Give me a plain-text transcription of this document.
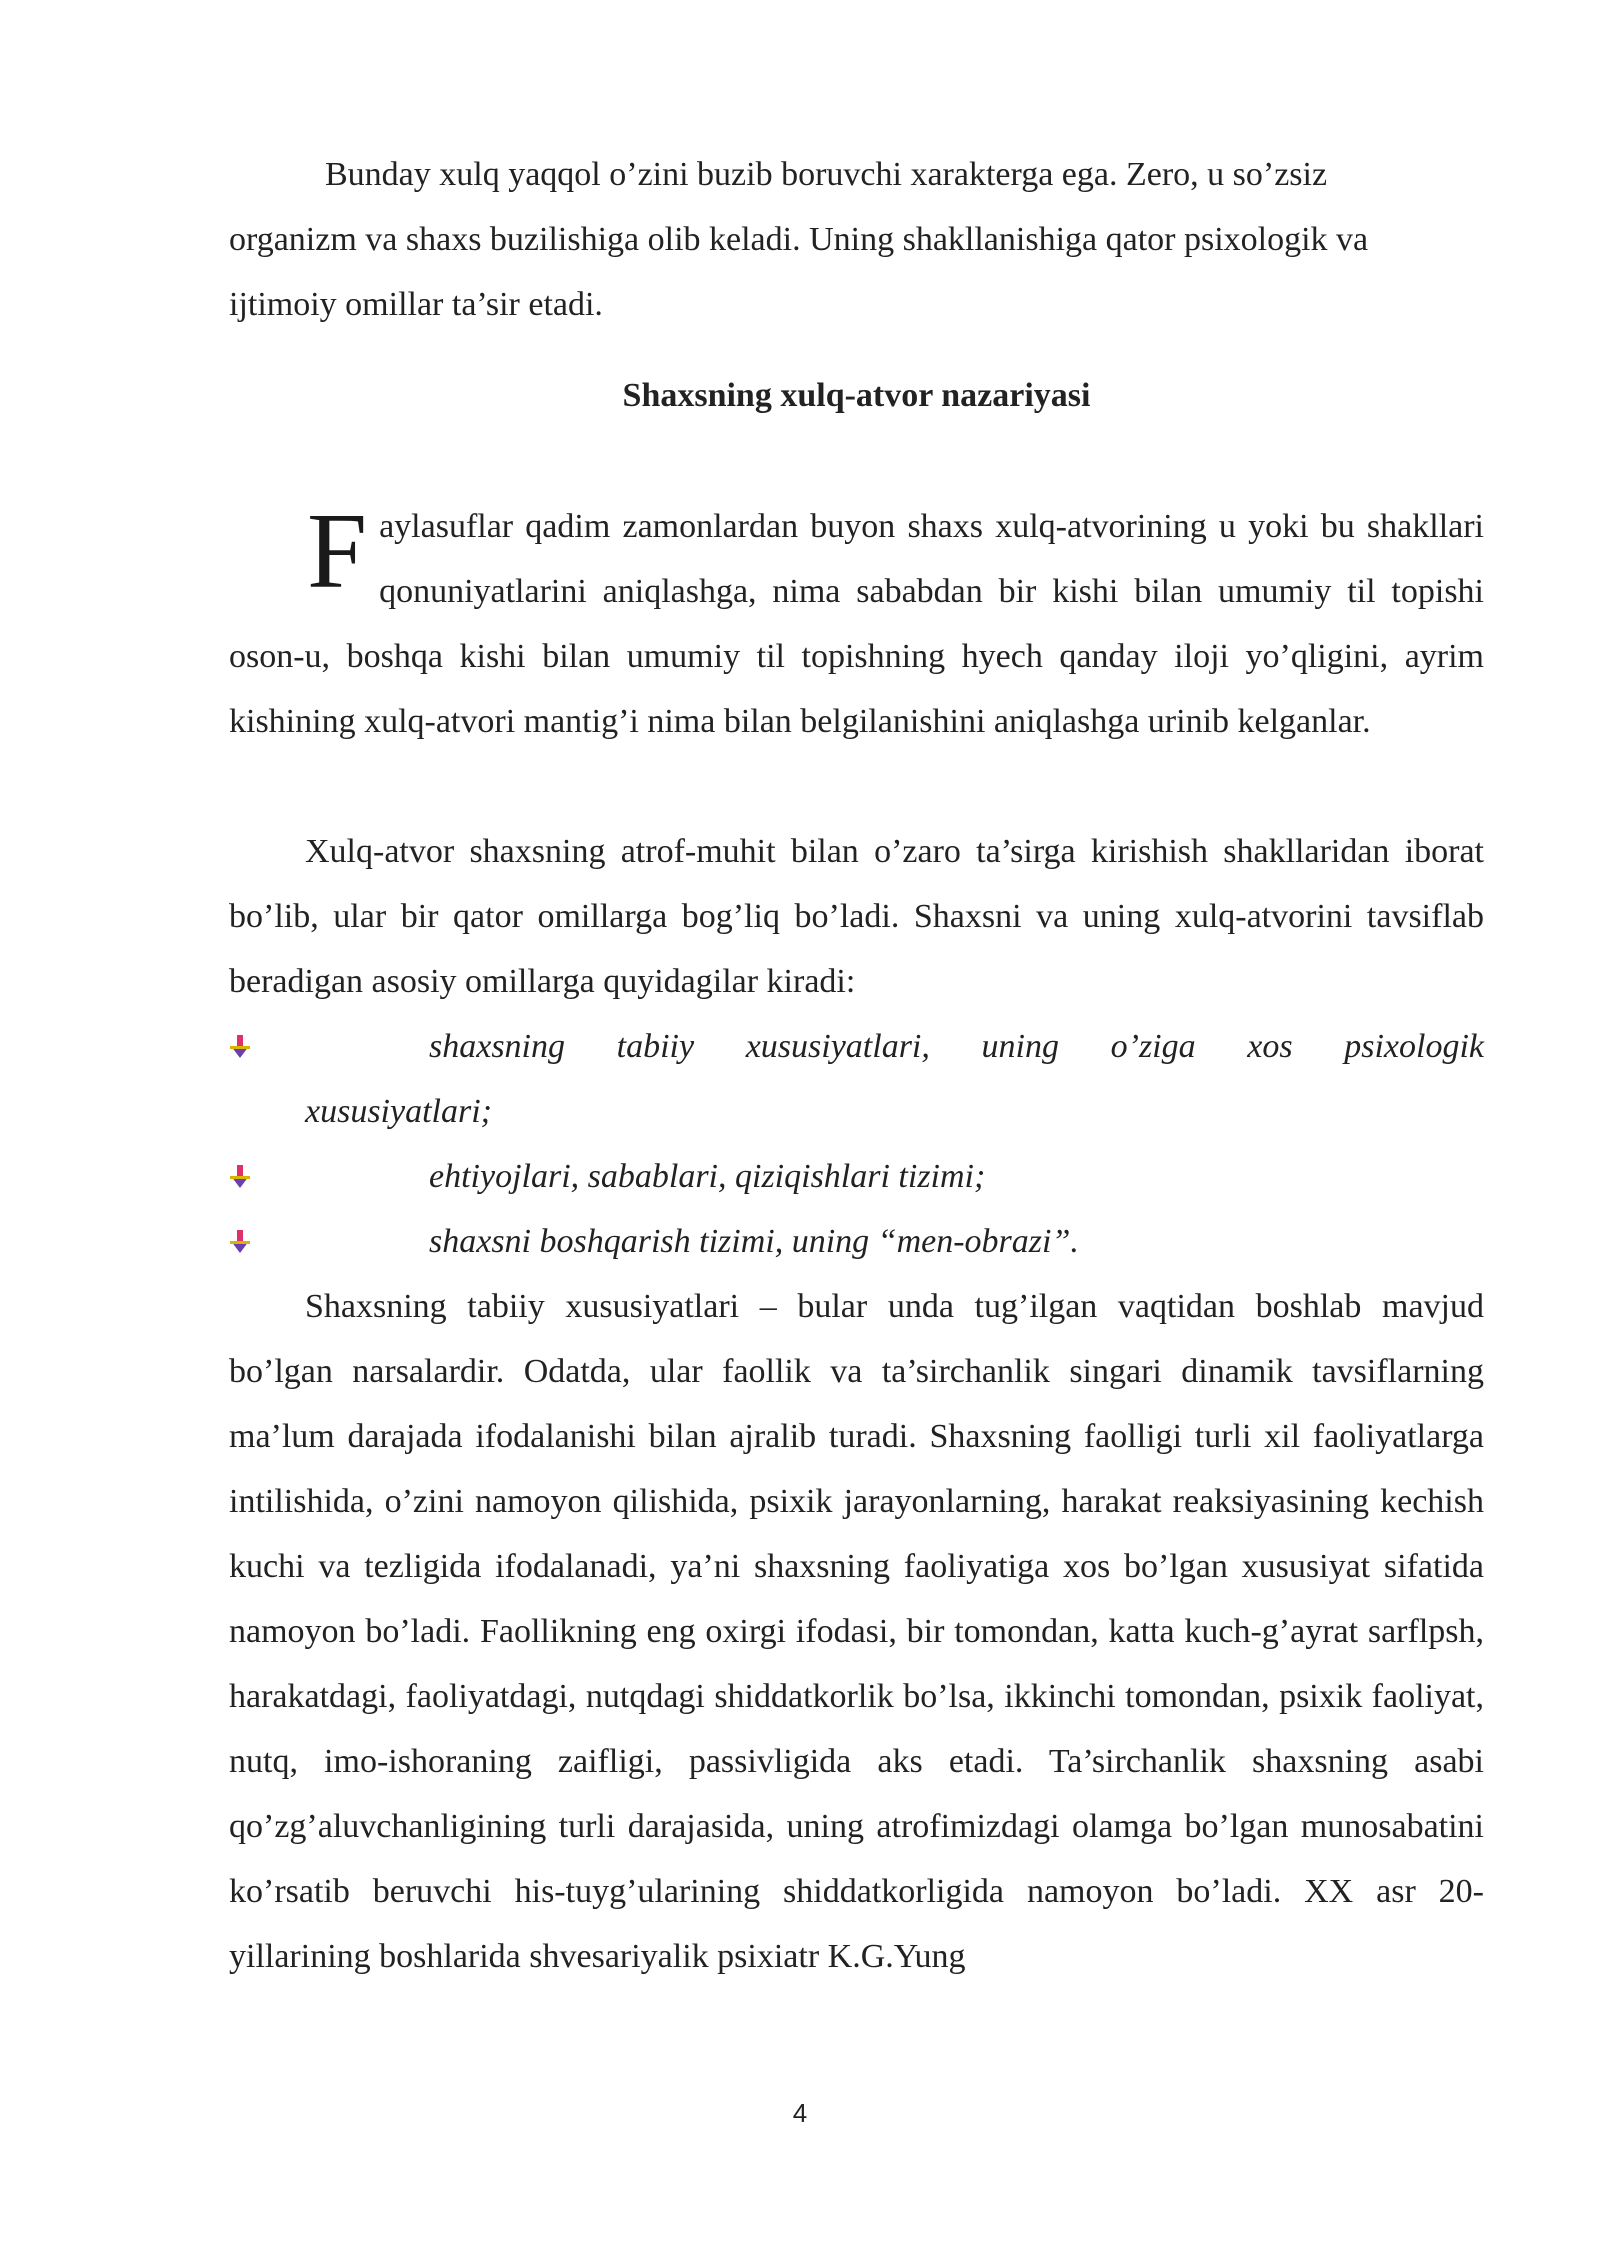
Bunday xulq yaqqol o’zini buzib boruvchi xarakterga ega. Zero, u so’zsiz organizm va shaxs buzilishiga olib keladi. Uning shakllanishiga qator psixologik va ijtimoiy omillar ta’sir etadi.

Shaxsning xulq-atvor nazariyasi

Faylasuflar qadim zamonlardan buyon shaxs xulq-atvorining u yoki bu shakllari qonuniyatlarini aniqlashga, nima sababdan bir kishi bilan umumiy til topishi oson-u, boshqa kishi bilan umumiy til topishning hyech qanday iloji yo’qligini, ayrim kishining xulq-atvori mantig’i nima bilan belgilanishini aniqlashga urinib kelganlar.

Xulq-atvor shaxsning atrof-muhit bilan o’zaro ta’sirga kirishish shakllaridan iborat bo’lib, ular bir qator omillarga bog’liq bo’ladi. Shaxsni va uning xulq-atvorini tavsiflab beradigan asosiy omillarga quyidagilar kiradi:

shaxsning tabiiy xususiyatlari, uning o’ziga xos psixologik
xususiyatlari;
ehtiyojlari, sabablari, qiziqishlari tizimi;
shaxsni boshqarish tizimi, uning “men-obrazi”.

Shaxsning tabiiy xususiyatlari – bular unda tug’ilgan vaqtidan boshlab mavjud bo’lgan narsalardir. Odatda, ular faollik va ta’sirchanlik singari dinamik tavsiflarning ma’lum darajada ifodalanishi bilan ajralib turadi. Shaxsning faolligi turli xil faoliyatlarga intilishida, o’zini namoyon qilishida, psixik jarayonlarning, harakat reaksiyasining kechish kuchi va tezligida ifodalanadi, ya’ni shaxsning faoliyatiga xos bo’lgan xususiyat sifatida namoyon bo’ladi. Faollikning eng oxirgi ifodasi, bir tomondan, katta kuch-g’ayrat sarflpsh, harakatdagi, faoliyatdagi, nutqdagi shiddatkorlik bo’lsa, ikkinchi tomondan, psixik faoliyat, nutq, imo-ishoraning zaifligi, passivligida aks etadi. Ta’sirchanlik shaxsning asabi qo’zg’aluvchanligining turli darajasida, uning atrofimizdagi olamga bo’lgan munosabatini ko’rsatib beruvchi his-tuyg’ularining shiddatkorligida namoyon bo’ladi. XX asr 20-yillarining boshlarida shvesariyalik psixiatr K.G.Yung

4
